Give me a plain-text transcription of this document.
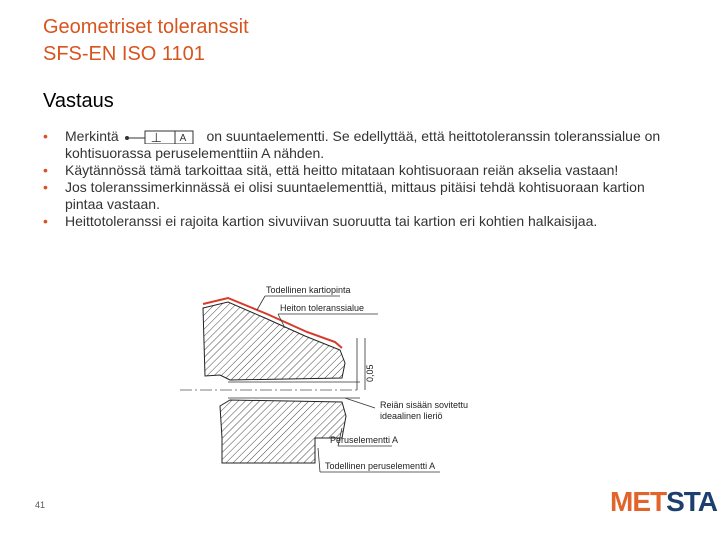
Geometriset toleranssit
SFS-EN ISO 1101
Vastaus
• Merkintä ⊥ A on suuntaelementti. Se edellyttää, että heittotoleranssin toleranssialue on kohtisuorassa peruselementtiin A nähden.
• Käytännössä tämä tarkoittaa sitä, että heitto mitataan kohtisuoraan reiän akselia vastaan!
• Jos toleranssimerkinnässä ei olisi suuntaelementtiä, mittaus pitäisi tehdä kohtisuoraan kartion pintaa vastaan.
• Heittotoleranssi ei rajoita kartion sivuviivan suoruutta tai kartion eri kohtien halkaisijaa.
0,05
Todellinen kartiopinta
Heiton toleranssialue
Reiän sisään sovitettu
ideaalinen lieriö
Peruselementti A
Todellinen peruselementti A
41	METSTA
